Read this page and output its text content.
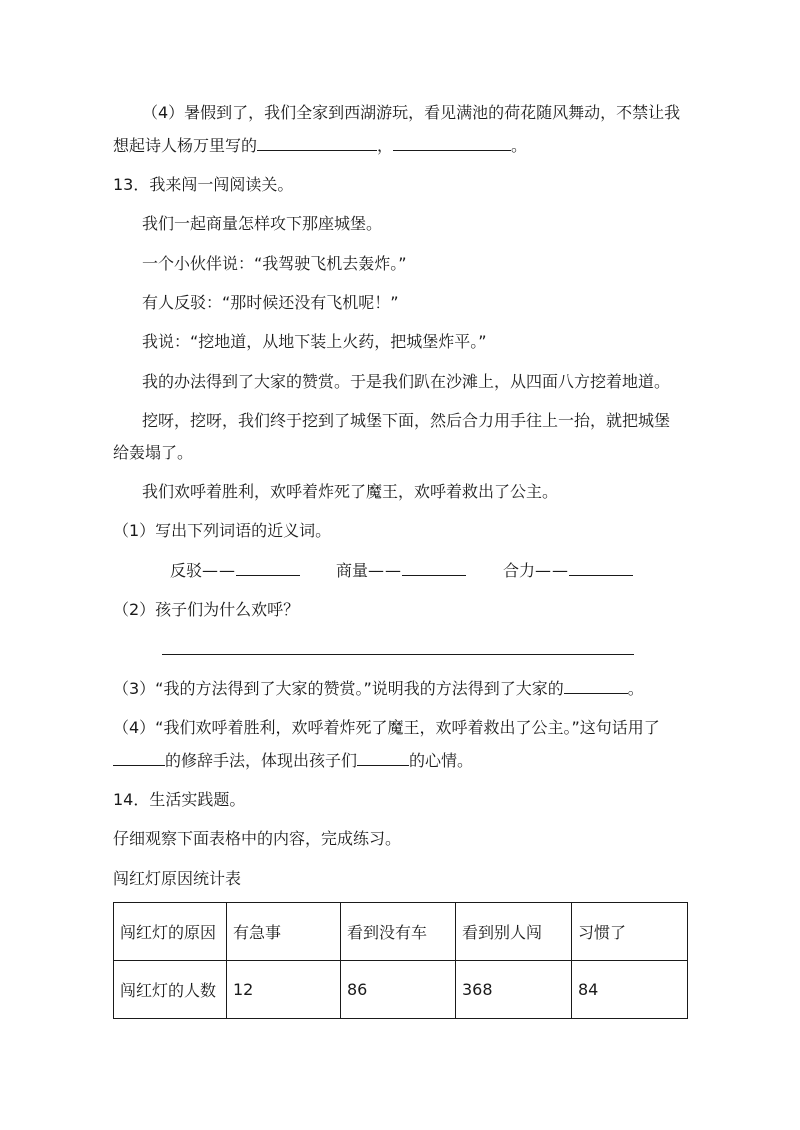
（4）暑假到了，我们全家到西湖游玩，看见满池的荷花随风舞动，不禁让我
想起诗人杨万里写的	，	。
13．我来闯一闯阅读关。
我们一起商量怎样攻下那座城堡。
一个小伙伴说：“我驾驶飞机去轰炸。”
有人反驳：“那时候还没有飞机呢！”
我说：“挖地道，从地下装上火药，把城堡炸平。”
我的办法得到了大家的赞赏。于是我们趴在沙滩上，从四面八方挖着地道。
挖呀，挖呀，我们终于挖到了城堡下面，然后合力用手往上一抬，就把城堡
给轰塌了。
我们欢呼着胜利，欢呼着炸死了魔王，欢呼着救出了公主。
（1）写出下列词语的近义词。
反驳——	商量——	合力——
（2）孩子们为什么欢呼？
（3）“我的方法得到了大家的赞赏。”说明我的方法得到了大家的	。
（4）“我们欢呼着胜利，欢呼着炸死了魔王，欢呼着救出了公主。”这句话用了
的修辞手法，体现出孩子们	的心情。
14．生活实践题。
仔细观察下面表格中的内容，完成练习。
闯红灯原因统计表
闯红灯的原因	有急事	看到没有车	看到别人闯	习惯了
闯红灯的人数	12	86	368	84
